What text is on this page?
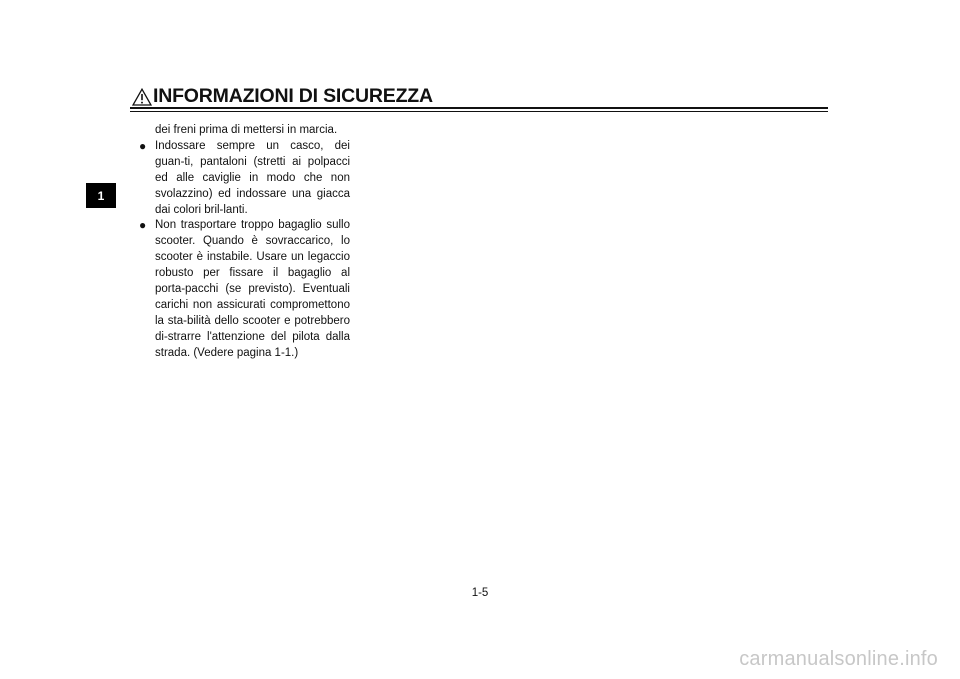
INFORMAZIONI DI SICUREZZA
1
dei freni prima di mettersi in marcia.
● Indossare sempre un casco, dei guan-ti, pantaloni (stretti ai polpacci ed alle caviglie in modo che non svolazzino) ed indossare una giacca dai colori bril-lanti.
● Non trasportare troppo bagaglio sullo scooter. Quando è sovraccarico, lo scooter è instabile. Usare un legaccio robusto per fissare il bagaglio al porta-pacchi (se previsto). Eventuali carichi non assicurati compromettono la sta-bilità dello scooter e potrebbero di-strarre l'attenzione del pilota dalla strada. (Vedere pagina 1-1.)
1-5
carmanualsonline.info
